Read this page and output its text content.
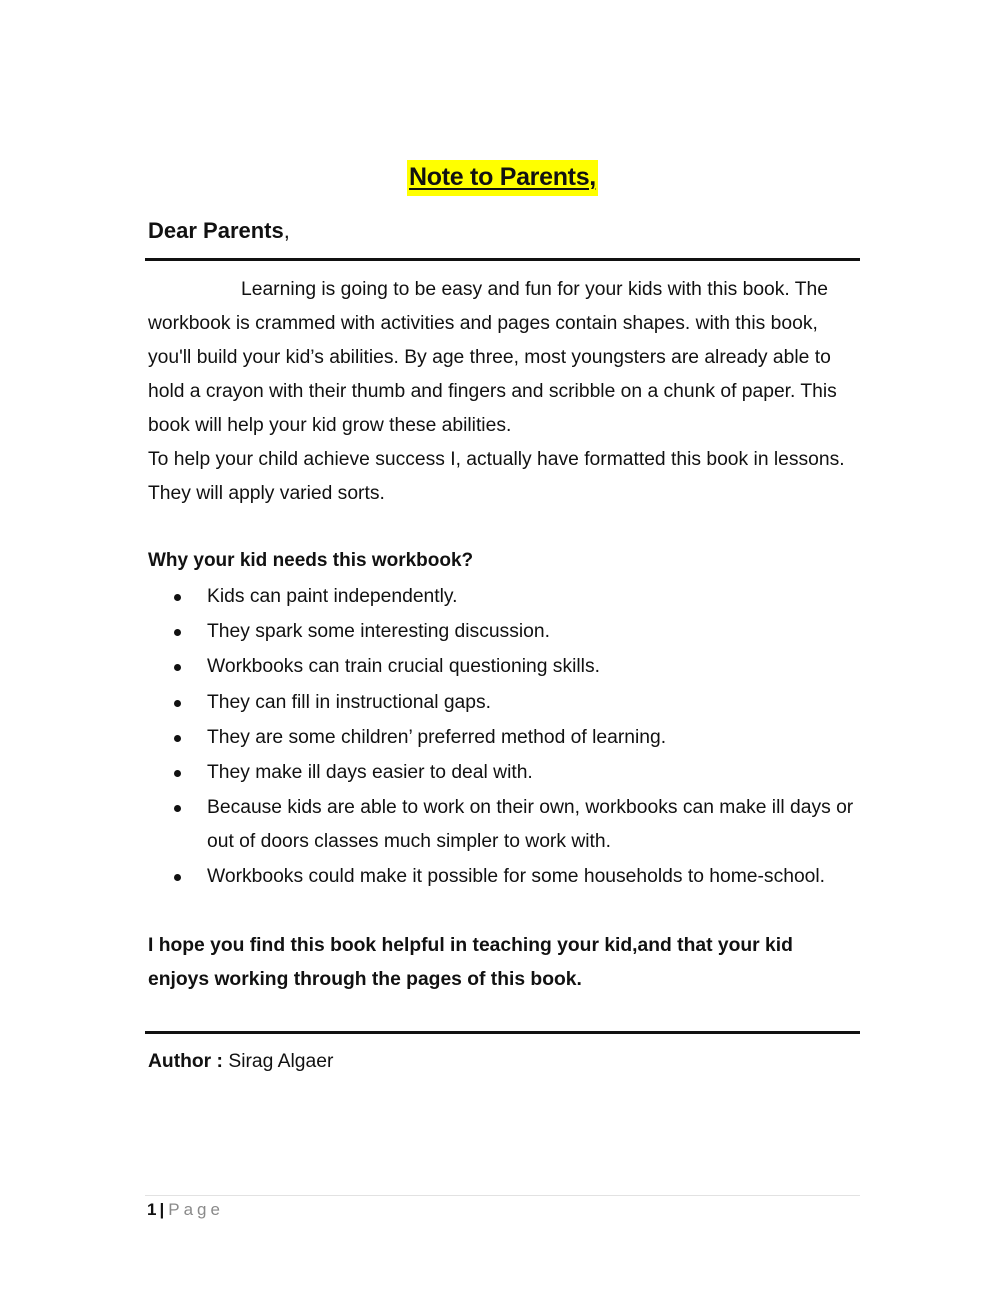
Note to Parents,
Dear Parents,
Learning is going to be easy and fun for your kids with this book. The workbook is crammed with activities and pages contain shapes. with this book, you'll build your kid’s abilities. By age three, most youngsters are already able to hold a crayon with their thumb and fingers and scribble on a chunk of paper. This book will help your kid grow these abilities.
To help your child achieve success I, actually have formatted this book in lessons. They will apply varied sorts.
Why your kid needs this workbook?
Kids can paint independently.
They spark some interesting discussion.
Workbooks can train crucial questioning skills.
They can fill in instructional gaps.
They are some children’ preferred method of learning.
They make ill days easier to deal with.
Because kids are able to work on their own, workbooks can make ill days or out of doors classes much simpler to work with.
Workbooks could make it possible for some households to home-school.
I hope you find this book helpful in teaching your kid,and that your kid enjoys working through the pages of this book.
Author : Sirag Algaer
1 | Page
